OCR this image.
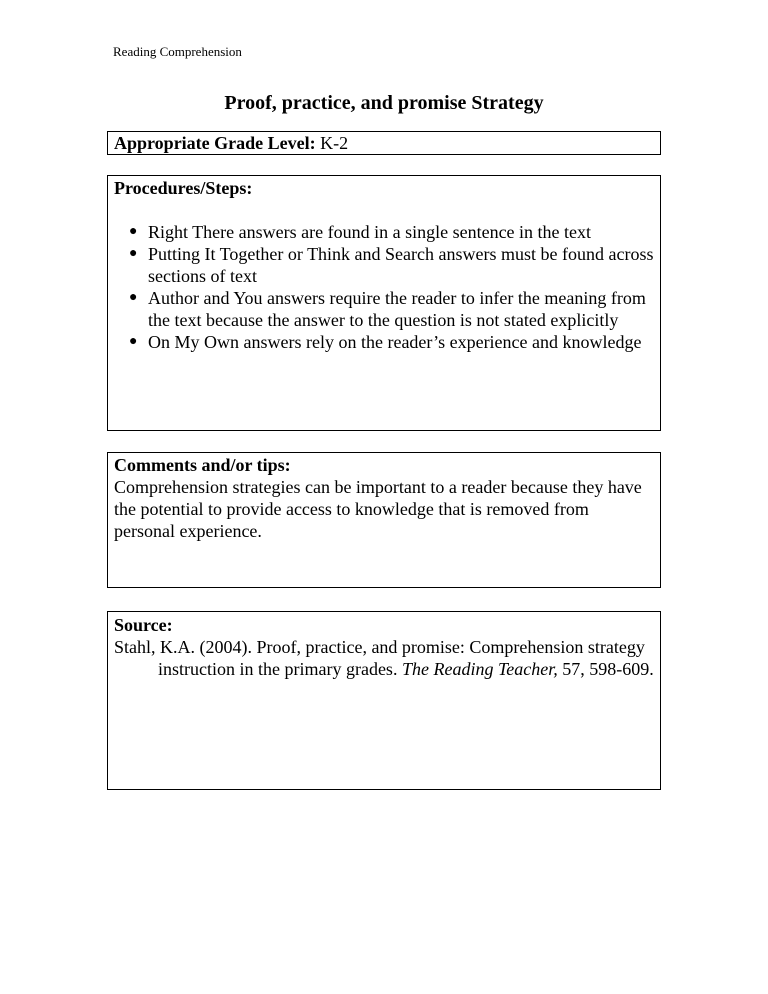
Reading Comprehension
Proof, practice, and promise Strategy
Appropriate Grade Level: K-2
Procedures/Steps:
● Right There answers are found in a single sentence in the text
● Putting It Together or Think and Search answers must be found across sections of text
● Author and You answers require the reader to infer the meaning from the text because the answer to the question is not stated explicitly
● On My Own answers rely on the reader’s experience and knowledge
Comments and/or tips:
Comprehension strategies can be important to a reader because they have the potential to provide access to knowledge that is removed from personal experience.
Source:
Stahl, K.A. (2004). Proof, practice, and promise: Comprehension strategy instruction in the primary grades. The Reading Teacher, 57, 598-609.
